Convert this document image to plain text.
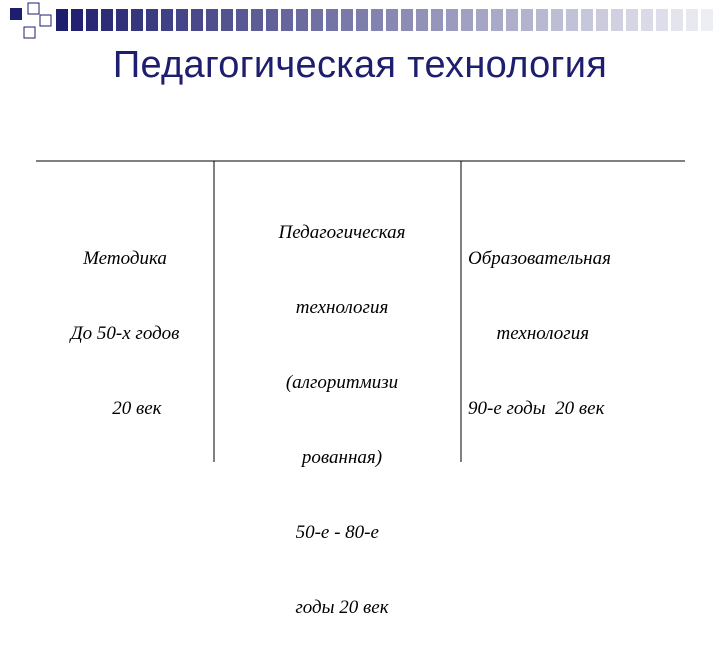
Педагогическая технология

Методика

До 50-х годов

20 век

Педагогическая

технология

(алгоритмизи

рованная)

50-е - 80-е

годы 20 век

Образовательная

технология

90-е годы  20 век
